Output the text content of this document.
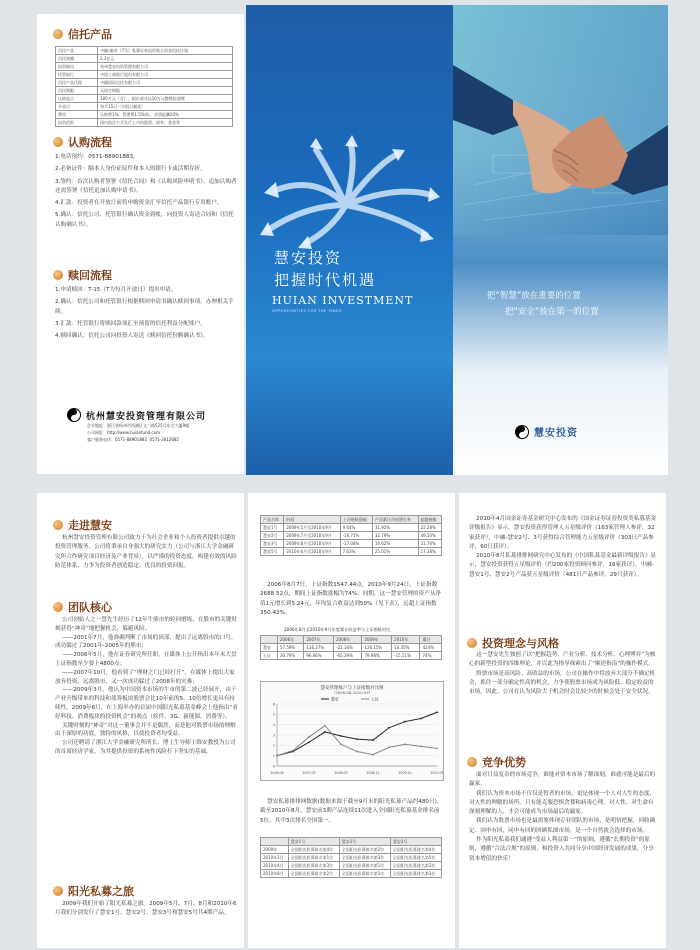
信托产品
信托产品	中融-融享（7号）私募证券投资集合资金信托计划
信托规模	2.3亿元
投资顾问	杭州慧安投资管理有限公司
托管银行	中国工商银行股份有限公司
信托产品代理	中融国际信托有限公司
信托期限	无固定期限
认购起点	100万元（含），超出部分以10万元整数倍递增
开放日	每月15日（节假日顺延）
费用	认购费1%，管理费1.5%/年，业绩报酬20%
投资范围	国内依法公开发行上市的股票、债券、基金等
认购流程
1.电话预约：0571-88901883。
2.必备证件：隔本人身份证原件和本人的银行卡或活期存折。
3.签约：首次认购者签署《信托合同》和《认购风险申明书》。追加认购者还需签署《信托追加认购申请书》。
4.汇款：投资者在开放日前将申购资金汇至信托产品银行专用账户。
5.确认：信托公司、托管银行确认资金到帐，向投资人寄送合同和《信托认购确认书》。
赎回流程
1.申请赎回：T-15（T为每月开放日）提出申请。
2.确认：信托公司和托管银行根据赎回申请书确认赎回事项，办理相关手续。
3.汇款：托管银行将赎回款项汇至预留的信托利益分配账户。
4.赎回确认：信托公司向投资人寄送《赎回信托份额确认书》。
杭州慧安投资管理有限公司
企业地址：浙江省杭州市西湖区文三路525号东方大厦9楼
公司网址：http://www.huianfund.com
客户服务电话：0571-88901883  0571-3012682
慧安投资
把握时代机遇
HUIAN INVESTMENT
OPPORTUNITIES FOR THE TIMES
把“智慧”放在重要的位置
把“安全”放在第一的位置
慧安投资
走进慧安

杭州慧安投资管理有限公司致力于为社会企业和个人投资者提供卓越的投资管理服务。公司将秉承自身强大的研究实力（公司与浙江大学金融研究所合作研究项目经济及产业背景），以严谨的投资态度，构建有效的风险防范体系，力争为投资者创造稳定、优良的投资回报。

团队核心

公司创始人之一慧先生经历了12年牛熊市的轮回磨练，在股市的关键时刻获得“神奇”地把握机会，躲避风险。
——2001年7月，他准确判断了市场的顶部，提出了远离股市的口号，成功躲过了2001年-2005年的熊市；
——2006年5月，他在证券研究所任职，在媒体上公开指出本年末大盘上证指数至少要上4800点；
——2007年10月，他看到了“理财之门已经打开”，在媒体上提出大家放弃投资，远离股市，又一次成功躲过了2008年的灾难；
——2009年3月，他认为中国资本市场的牛市的第二波已经展开，由于产业升级带来的科技和蓝筹板块股票会比10年前的5、10倍增长更具有持续性。2009年6月，在上海举办的首届中国阳光私募基金峰会上他指出“看好科技、消费板块的投资机会”的观点（软件、3G、新能源、消费等）。
关键时刻的“神奇”对这一董事会并不是偶然，而是他对股票市场的理解由于深厚的功底，独特的风格，以使投资者均受益。
公司还聘请了浙江大学金融研究所所长、博士生导师王维安教授为公司的首席经济学家，为其提供投资的系统性风险打下坚实的基础。

阳光私募之旅

2009年我们开始了阳光私募之旅。2009年5月、7月、8月和2010年6月我们分别发行了慧安1号、慧安2号、慧安3号和慧安5号共4期产品。

产品名称	时间	上证指数涨幅	产品累计净值增长率	超越指数
慧安1号	2009年5月至2010年9月	9.64%	31.92%	22.28%
慧安2号	2009年7月至2010年9月	-16.71%	32.79%	49.50%
慧安3号	2009年8月至2010年9月	-17.08%	14.62%	31.70%
慧安5号	2010年6月至2010年9月	7.63%	25.01%	17.38%

2006年8月7日，上证指数1547.44点，2010年9月24日，上证指数2688.52点，期间上证指数涨幅为74%。同期，这一慧安管理的资产从净值1元增长到5.24元，年均复合收益达到50%（见下表），远超上证指数350.43%。

2006年8月至2010年9月年度累计收益率与上证指数对比
	2006年	2007年	2008年	2009年	2010年	累计
慧安	57.59%	116.27%	-22.16%	126.15%	14.35%	424%
上证	30.79%	96.66%	-65.39%	79.98%	-15.51%	74%
慧安管理账户与上证指数对比图
（2006.08–2010.09）
0
1
2
3
4
5
6
2006.08	2007.05	2008.03	2008.12	2009.10	2010.09
慧安	上证

慧安私募排排网数据(数据来源于截至9月末的阳光私募产品约480只)。截至2010年8月，慧安前3期产品连续11次进入全国阳光私募基金排名前5位，其中3次排名全国第一。

	慧安1号	慧安2号	慧安3号
2009年	全国阳光私募排名第4位	全国阳光私募排名第2位	全国阳光私募排名第4位
2010年1月	全国阳光私募排名第1位	全国阳光私募排名第3位	全国阳光私募排名第5位
2010年4月	全国阳光私募排名第3位	全国阳光私募排名第1位	全国阳光私募排名第2位
2010年8月	全国阳光私募排名第2位	全国阳光私募排名第1位	全国阳光私募排名第3位

2010年4月国金证券基金研究中心发布的《国金证券证券投资类私募基金评级报告》显示，慧安投资获得管理人五星级评价（163家管理人参评，32家获评），中融-慧安2号、3号获得综合管理能力五星级评价（303只产品参评，60只获评）。
2010年8月私募排排网研究中心发布的《中国私募基金最新评级报告》显示，慧安投资获得五星级评价（约200家投资顾问参评，19家获评），中融-慧安1号、慧安2号产品获五星级评价（481只产品参评，29只获评）。

投资理念与风格

这一慧安先生独创了以“把握趋势、产业分析、技术分析、心理博弈”为核心的新型投资的四维理论，并以此为指导探索出了“顺逆指南”的操作模式。
股票市场是高风险、高收益的市场，公司在操作中将放弃大部分不确定机会，抓住一部分确定性高的机会，力争使股票市场成为风险低、稳定收益的市场，因此，公司在认为风险大于机会时会比较少的时候会处于安全状况。

竞争优势

面对日益复杂的市场竞争，谁能对资本市场了解深刻，谁就可能是最后的赢家。
我们认为资本市场不仅仅是智者的市场，更是体现一个人对人生的态度、对人性的理解的场所。只有能克服恐惧贪婪和病毒心理，对人性、对生命有深刻理解的人，才会可能成为市场最后的赢家。
我们认为股票市场也是最需要体现专业团队的市场，是明悟把握，回收确定、回申有回，同申有回的回顾私图市场，是一个自然就会选择的市场。
作为阳光私募我们通遵“受益人利益第一”的原则，遵循“长期投资”的原则，遵循“合法合规”的原则，和投资人共同分享中国经济发展的成果，分享资本增值的快乐！
